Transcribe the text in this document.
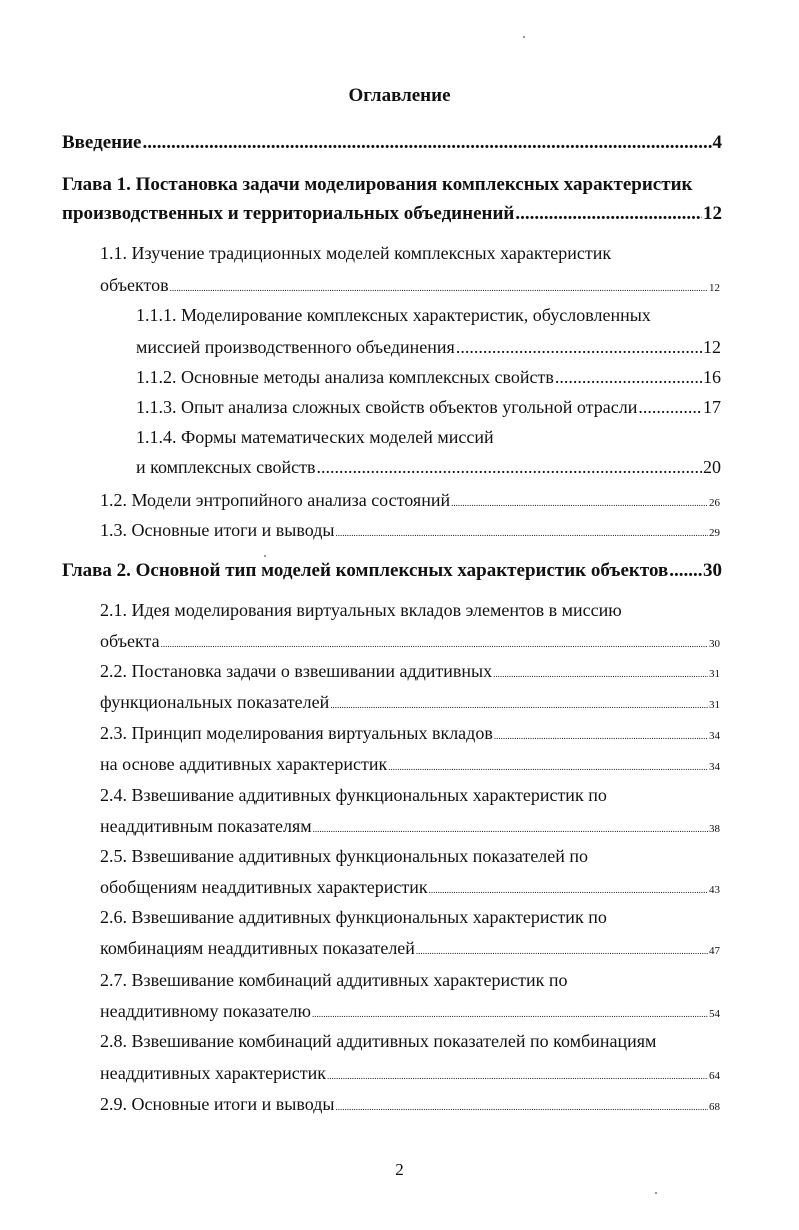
Оглавление
Введение .....	4
Глава 1. Постановка задачи моделирования комплексных характеристик
производственных и территориальных объединений .....	12
1.1. Изучение традиционных моделей комплексных характеристик
объектов .....	12
1.1.1. Моделирование комплексных характеристик, обусловленных
миссией производственного объединения .....	12
1.1.2. Основные методы анализа комплексных свойств .....	16
1.1.3. Опыт анализа сложных свойств объектов угольной отрасли .....	17
1.1.4. Формы математических моделей миссий
и комплексных свойств .....	20
1.2. Модели энтропийного анализа состояний .....	26
1.3. Основные итоги и выводы .....	29
Глава 2. Основной тип моделей комплексных характеристик объектов ..... 30
2.1. Идея моделирования виртуальных вкладов элементов в миссию
объекта .....	30
2.2. Постановка задачи о взвешивании аддитивных .....	31
функциональных показателей .....	31
2.3. Принцип моделирования виртуальных вкладов .....	34
на основе аддитивных характеристик .....	34
2.4. Взвешивание аддитивных функциональных характеристик по
неаддитивным показателям .....	38
2.5. Взвешивание аддитивных функциональных показателей по
обобщениям неаддитивных характеристик .....	43
2.6. Взвешивание аддитивных функциональных характеристик по
комбинациям неаддитивных показателей .....	47
2.7. Взвешивание комбинаций аддитивных характеристик по
неаддитивному показателю .....	54
2.8. Взвешивание комбинаций аддитивных показателей по комбинациям
неаддитивных характеристик .....	64
2.9. Основные итоги и выводы .....	68
2
